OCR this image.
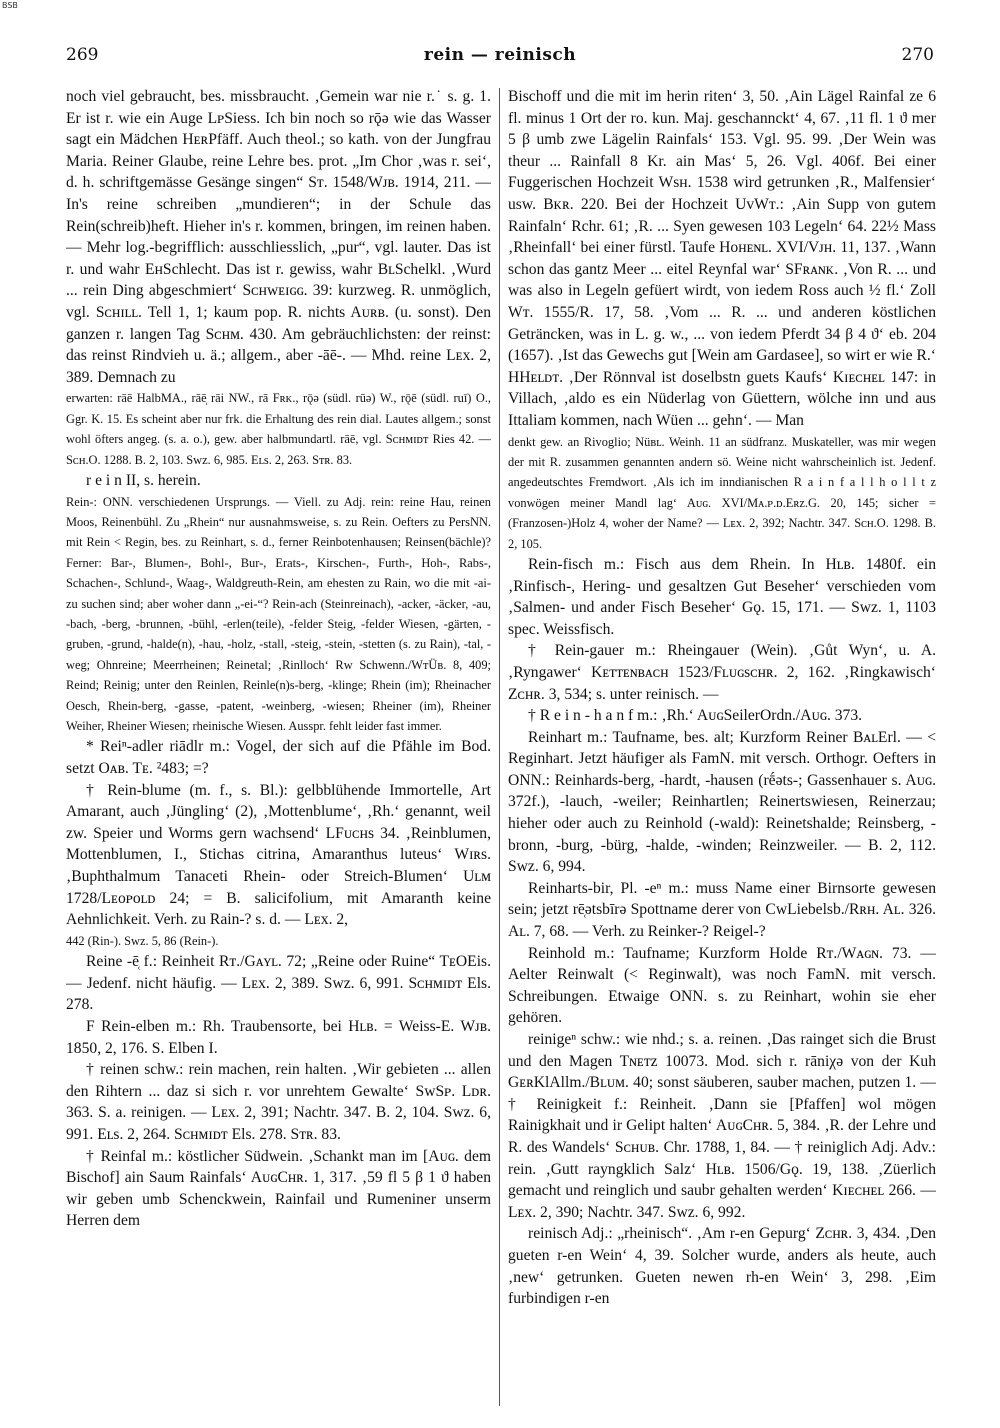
BSB
269	rein — reinisch	270

noch viel gebraucht, bes. missbraucht. ‚Gemein war nie r.˙ s. g. 1. Er ist r. wie ein Auge LᴘSiess. Ich bin noch so rǭə wie das Wasser sagt ein Mädchen HᴇʀPfäff. Auch theol.; so kath. von der Jungfrau Maria. Reiner Glaube, reine Lehre bes. prot. „Im Chor ‚was r. sei‘, d. h. schriftgemässe Gesänge singen“ Sᴛ. 1548/Wᴊʙ. 1914, 211. — In's reine schreiben „mundieren“; in der Schule das Rein(schreib)heft. Hieher in's r. kommen, bringen, im reinen haben. — Mehr log.-begrifflich: ausschliesslich, „pur“, vgl. lauter. Das ist r. und wahr EʜSchlecht. Das ist r. gewiss, wahr BʟSchelkl. ‚Wurd ... rein Ding abgeschmiert‘ Sᴄʜᴡᴇɪɢɢ. 39: kurzweg. R. unmöglich, vgl. Sᴄʜɪʟʟ. Tell 1, 1; kaum pop. R. nichts Aᴜʀʙ. (u. sonst). Den ganzen r. langen Tag Sᴄʜᴍ. 430. Am gebräuchlichsten: der reinst: das reinst Rindvieh u. ä.; allgem., aber -āē-. — Mhd. reine Lᴇx. 2, 389. Demnach zu

erwarten: rāē HalbMA., rāē̜ rāi NW., rā Fʀᴋ., rǭə (südl. rūə) W., rǭē (südl. ruī) O., Ggr. K. 15. Es scheint aber nur frk. die Erhaltung des rein dial. Lautes allgem.; sonst wohl öfters angeg. (s. a. o.), gew. aber halbmundartl. rāē, vgl. Sᴄʜᴍɪᴅᴛ Ries 42. — Sᴄʜ.O. 1288. B. 2, 103. Swz. 6, 985. Eʟs. 2, 263. Sᴛʀ. 83.

r e i n II, s. herein.

Rein-: ONN. verschiedenen Ursprungs. — Viell. zu Adj. rein: reine Hau, reinen Moos, Reinenbühl. Zu „Rhein“ nur ausnahmsweise, s. zu Rein. Oefters zu PersNN. mit Rein < Regin, bes. zu Reinhart, s. d., ferner Reinbotenhausen; Reinsen(bächle)? Ferner: Bar-, Blumen-, Bohl-, Bur-, Erats-, Kirschen-, Furth-, Hoh-, Rabs-, Schachen-, Schlund-, Waag-, Waldgreuth-Rein, am ehesten zu Rain, wo die mit -ai- zu suchen sind; aber woher dann „-ei-“? Rein-ach (Steinreinach), -acker, -äcker, -au, -bach, -berg, -brunnen, -bühl, -erlen(teile), -felder Steig, -felder Wiesen, -gärten, -gruben, -grund, -halde(n), -hau, -holz, -stall, -steig, -stein, -stetten (s. zu Rain), -tal, -weg; Ohnreine; Meerrheinen; Reinetal; ‚Rinlloch‘ Rᴡ Schwenn./WᴛÜʙ. 8, 409; Reind; Reinig; unter den Reinlen, Reinle(n)s-berg, -klinge; Rhein (im); Rheinacher Oesch, Rhein-berg, -gasse, -patent, -weinberg, -wiesen; Rheiner (im), Rheiner Weiher, Rheiner Wiesen; rheinische Wiesen. Ausspr. fehlt leider fast immer.

* Reiⁿ-adler riādlr m.: Vogel, der sich auf die Pfähle im Bod. setzt Oᴀʙ. Tᴇ. ²483; =?

† Rein-blume (m. f., s. Bl.): gelbblühende Immortelle, Art Amarant, auch ‚Jüngling‘ (2), ‚Mottenblume‘, ‚Rh.‘ genannt, weil zw. Speier und Worms gern wachsend‘ LFᴜᴄʜs 34. ‚Reinblumen, Mottenblumen, I., Stichas citrina, Amaranthus luteus‘ Wɪʀs. ‚Buphthalmum Tanaceti Rhein- oder Streich-Blumen‘ Uʟᴍ 1728/Lᴇᴏᴘᴏʟᴅ 24; = B. salicifolium, mit Amaranth keine Aehnlichkeit. Verh. zu Rain-? s. d. — Lᴇx. 2,

442 (Rin-). Swz. 5, 86 (Rein-).

Reine -ē̜ f.: Reinheit Rᴛ./Gᴀʏʟ. 72; „Reine oder Ruine“ TᴇOEis. — Jedenf. nicht häufig. — Lᴇx. 2, 389. Swz. 6, 991. Sᴄʜᴍɪᴅᴛ Els. 278.

F Rein-elben m.: Rh. Traubensorte, bei Hʟʙ. = Weiss-E. Wᴊʙ. 1850, 2, 176. S. Elben I.

† reinen schw.: rein machen, rein halten. ‚Wir gebieten ... allen den Rihtern ... daz si sich r. vor unrehtem Gewalte‘ SᴡSᴘ. Lᴅʀ. 363. S. a. reinigen. — Lᴇx. 2, 391; Nachtr. 347. B. 2, 104. Swz. 6, 991. Eʟs. 2, 264. Sᴄʜᴍɪᴅᴛ Els. 278. Sᴛʀ. 83.

† Reinfal m.: köstlicher Südwein. ‚Schankt man im [Aᴜɢ. dem Bischof] ain Saum Rainfals‘ AᴜɢCʜʀ. 1, 317. ‚59 fl 5 β 1 ϑ haben wir geben umb Schenckwein, Rainfail und Rumeniner unserm Herren dem

Bischoff und die mit im herin riten‘ 3, 50. ‚Ain Lägel Rainfal ze 6 fl. minus 1 Ort der ro. kun. Maj. geschannckt‘ 4, 67. ‚11 fl. 1 ϑ mer 5 β umb zwe Lägelin Rainfals‘ 153. Vgl. 95. 99. ‚Der Wein was theur ... Rainfall 8 Kr. ain Mas‘ 5, 26. Vgl. 406f. Bei einer Fuggerischen Hochzeit Wsʜ. 1538 wird getrunken ‚R., Malfensier‘ usw. Bᴋʀ. 220. Bei der Hochzeit UᴠWᴛ.: ‚Ain Supp von gutem Rainfaln‘ Rchr. 61; ‚R. ... Syen gewesen 103 Legeln‘ 64. 22½ Mass ‚Rheinfall‘ bei einer fürstl. Taufe Hᴏʜᴇɴʟ. XVI/Vᴊʜ. 11, 137. ‚Wann schon das gantz Meer ... eitel Reynfal war‘ SFʀᴀɴᴋ. ‚Von R. ... und was also in Legeln gefüert wirdt, von iedem Ross auch ½ fl.‘ Zoll Wᴛ. 1555/R. 17, 58. ‚Vom ... R. ... und anderen köstlichen Geträncken, was in L. g. w., ... von iedem Pferdt 34 β 4 ϑ‘ eb. 204 (1657). ‚Ist das Gewechs gut [Wein am Gardasee], so wirt er wie R.‘ HHᴇʟᴅᴛ. ‚Der Rönnval ist doselbstn guets Kaufs‘ Kɪᴇᴄʜᴇʟ 147: in Villach, ‚aldo es ein Nüderlag von Güettern, wölche inn und aus Ittaliam kommen, nach Wüen ... gehn‘. — Man

denkt gew. an Rivoglio; Nüʙʟ. Weinh. 11 an südfranz. Muskateller, was mir wegen der mit R. zusammen genannten andern sö. Weine nicht wahrscheinlich ist. Jedenf. angedeutschtes Fremdwort. ‚Als ich im inndianischen R a i n f a l l h o l l t z vonwögen meiner Mandl lag‘ Aᴜɢ. XVI/Mᴀ.ᴘ.ᴅ.Eʀᴢ.G. 20, 145; sicher = (Franzosen-)Holz 4, woher der Name? — Lᴇx. 2, 392; Nachtr. 347. Sᴄʜ.O. 1298. B. 2, 105.

Rein-fisch m.: Fisch aus dem Rhein. In Hʟʙ. 1480f. ein ‚Rinfisch-, Hering- und gesaltzen Gut Beseher‘ verschieden vom ‚Salmen- und ander Fisch Beseher‘ Gǫ. 15, 171. — Swz. 1, 1103 spec. Weissfisch.

† Rein-gauer m.: Rheingauer (Wein). ‚Gůt Wyn‘, u. A. ‚Ryngawer‘ Kᴇᴛᴛᴇɴʙᴀᴄʜ 1523/Fʟᴜɢsᴄʜʀ. 2, 162. ‚Ringkawisch‘ Zᴄʜʀ. 3, 534; s. unter reinisch. —

† R e i n - h a n f m.: ‚Rh.‘ AᴜɢSeilerOrdn./Aᴜɢ. 373.

Reinhart m.: Taufname, bes. alt; Kurzform Reiner BᴀʟErl. — < Reginhart. Jetzt häufiger als FamN. mit versch. Orthogr. Oefters in ONN.: Reinhards-berg, -hardt, -hausen (rḗəts-; Gassenhauer s. Aᴜɢ. 372f.), -lauch, -weiler; Reinhartlen; Reinertswiesen, Reinerzau; hieher oder auch zu Reinhold (-wald): Reinetshalde; Reinsberg, -bronn, -burg, -bürg, -halde, -winden; Reinzweiler. — B. 2, 112. Swz. 6, 994.

Reinharts-bir, Pl. -eⁿ m.: muss Name einer Birnsorte gewesen sein; jetzt rē̜ətsbīrə Spottname derer von CᴡLiebelsb./Rʀʜ. Aʟ. 326. Aʟ. 7, 68. — Verh. zu Reinker-? Reigel-?

Reinhold m.: Taufname; Kurzform Holde Rᴛ./Wᴀɢɴ. 73. — Aelter Reinwalt (< Reginwalt), was noch FamN. mit versch. Schreibungen. Etwaige ONN. s. zu Reinhart, wohin sie eher gehören.

reinigeⁿ schw.: wie nhd.; s. a. reinen. ‚Das rainget sich die Brust und den Magen Tɴᴇᴛᴢ 10073. Mod. sich r. rāniχə von der Kuh GᴇʀKlAllm./Bʟᴜᴍ. 40; sonst säuberen, sauber machen, putzen 1. — † Reinigkeit f.: Reinheit. ‚Dann sie [Pfaffen] wol mögen Rainigkhait und ir Gelipt halten‘ AᴜɢCʜʀ. 5, 384. ‚R. der Lehre und R. des Wandels‘ Sᴄʜᴜʙ. Chr. 1788, 1, 84. — † reiniglich Adj. Adv.: rein. ‚Gutt rayngklich Salz‘ Hʟʙ. 1506/Gǫ. 19, 138. ‚Züerlich gemacht und reinglich und saubr gehalten werden‘ Kɪᴇᴄʜᴇʟ 266. — Lᴇx. 2, 390; Nachtr. 347. Swz. 6, 992.

reinisch Adj.: „rheinisch“. ‚Am r-en Gepurg‘ Zᴄʜʀ. 3, 434. ‚Den gueten r-en Wein‘ 4, 39. Solcher wurde, anders als heute, auch ‚new‘ getrunken. Gueten newen rh-en Wein‘ 3, 298. ‚Eim furbindigen r-en
